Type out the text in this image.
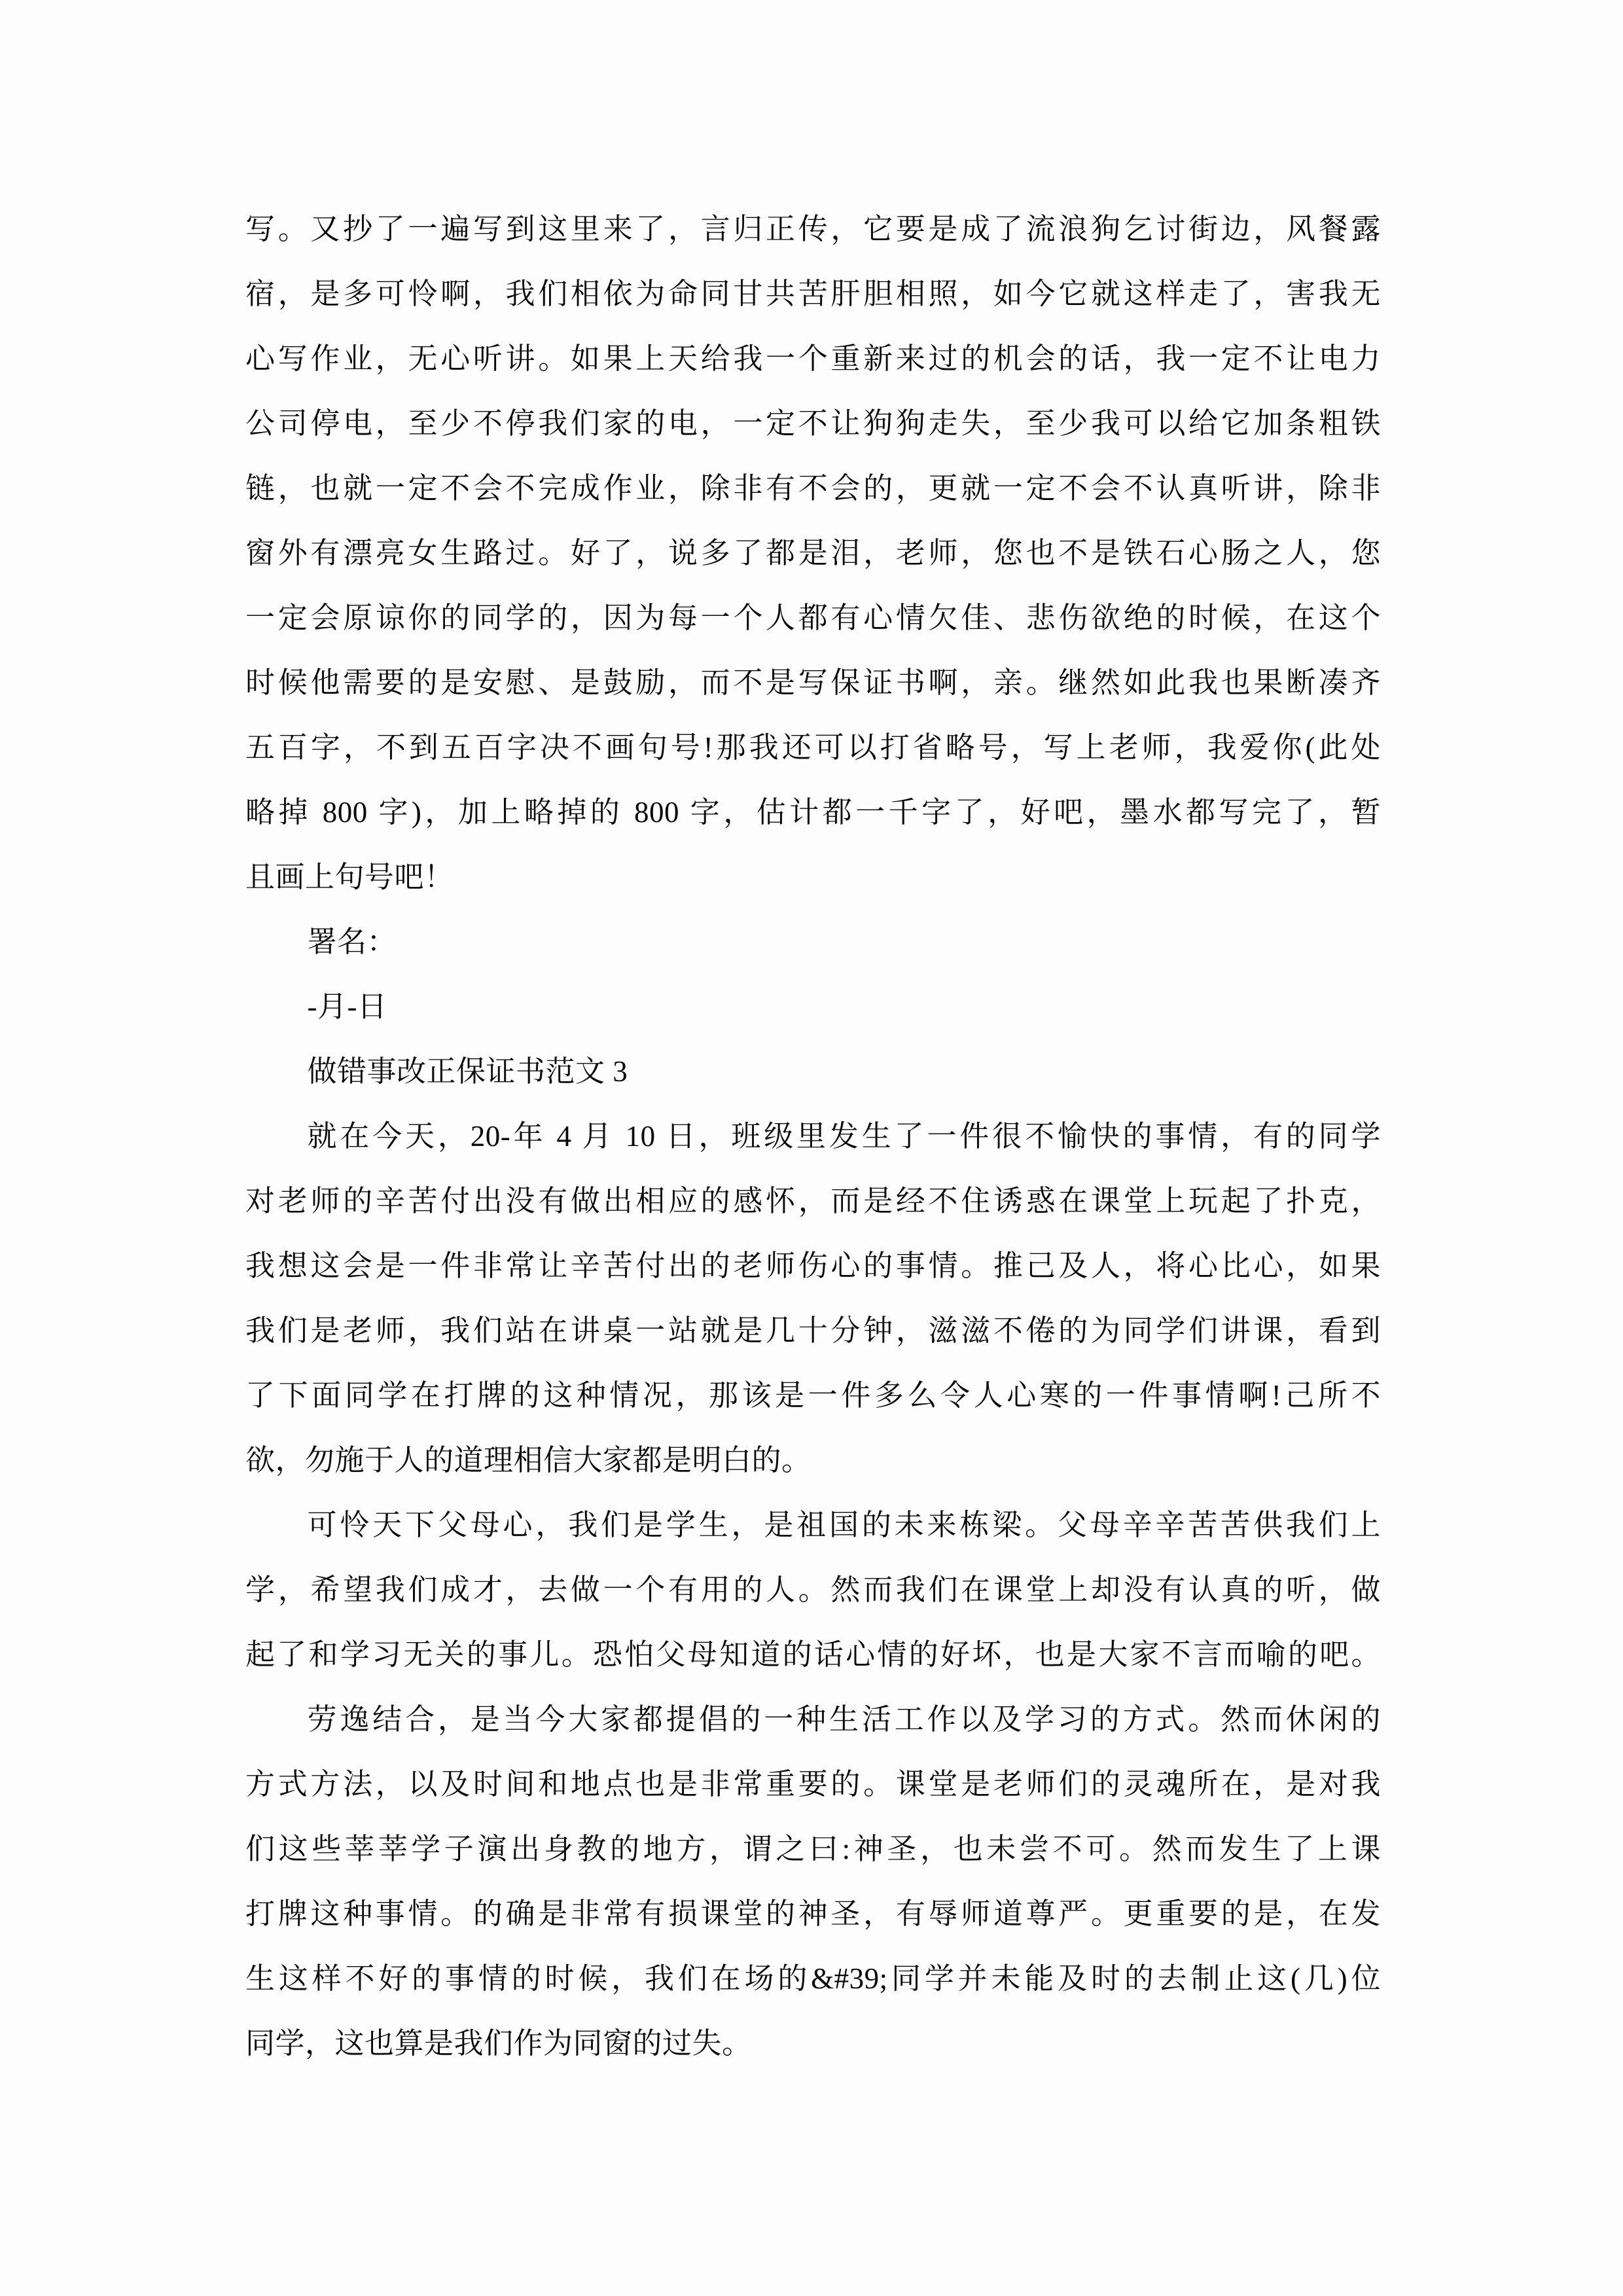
写。又抄了一遍写到这里来了，言归正传，它要是成了流浪狗乞讨街边，风餐露
宿，是多可怜啊，我们相依为命同甘共苦肝胆相照，如今它就这样走了，害我无
心写作业，无心听讲。如果上天给我一个重新来过的机会的话，我一定不让电力
公司停电，至少不停我们家的电，一定不让狗狗走失，至少我可以给它加条粗铁
链，也就一定不会不完成作业，除非有不会的，更就一定不会不认真听讲，除非
窗外有漂亮女生路过。好了，说多了都是泪，老师，您也不是铁石心肠之人，您
一定会原谅你的同学的，因为每一个人都有心情欠佳、悲伤欲绝的时候，在这个
时候他需要的是安慰、是鼓励，而不是写保证书啊，亲。继然如此我也果断凑齐
五百字，不到五百字决不画句号!那我还可以打省略号，写上老师，我爱你(此处
略掉 800 字)，加上略掉的 800 字，估计都一千字了，好吧，墨水都写完了，暂
且画上句号吧！
署名：
-月-日
做错事改正保证书范文 3
就在今天，20-年 4 月 10 日，班级里发生了一件很不愉快的事情，有的同学
对老师的辛苦付出没有做出相应的感怀，而是经不住诱惑在课堂上玩起了扑克，
我想这会是一件非常让辛苦付出的老师伤心的事情。推己及人，将心比心，如果
我们是老师，我们站在讲桌一站就是几十分钟，滋滋不倦的为同学们讲课，看到
了下面同学在打牌的这种情况，那该是一件多么令人心寒的一件事情啊!己所不
欲，勿施于人的道理相信大家都是明白的。
可怜天下父母心，我们是学生，是祖国的未来栋梁。父母辛辛苦苦供我们上
学，希望我们成才，去做一个有用的人。然而我们在课堂上却没有认真的听，做
起了和学习无关的事儿。恐怕父母知道的话心情的好坏，也是大家不言而喻的吧。
劳逸结合，是当今大家都提倡的一种生活工作以及学习的方式。然而休闲的
方式方法，以及时间和地点也是非常重要的。课堂是老师们的灵魂所在，是对我
们这些莘莘学子演出身教的地方，谓之曰:神圣，也未尝不可。然而发生了上课
打牌这种事情。的确是非常有损课堂的神圣，有辱师道尊严。更重要的是，在发
生这样不好的事情的时候，我们在场的&#39;同学并未能及时的去制止这(几)位
同学，这也算是我们作为同窗的过失。
